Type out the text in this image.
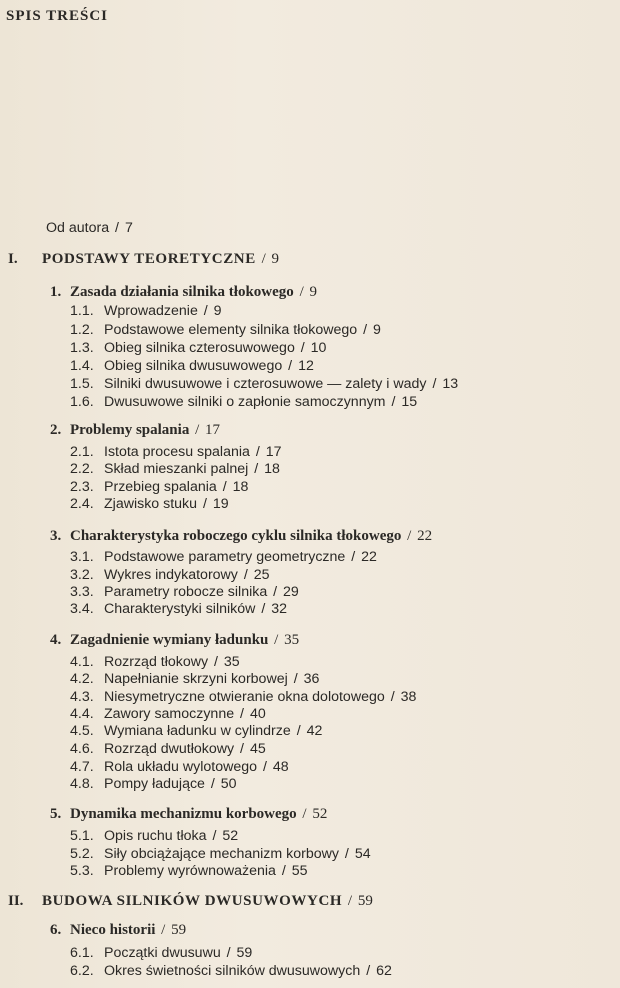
SPIS TREŚCI
Od autora / 7
I. PODSTAWY TEORETYCZNE / 9
1. Zasada działania silnika tłokowego / 9
1.1. Wprowadzenie / 9
1.2. Podstawowe elementy silnika tłokowego / 9
1.3. Obieg silnika czterosuwowego / 10
1.4. Obieg silnika dwusuwowego / 12
1.5. Silniki dwusuwowe i czterosuwowe — zalety i wady / 13
1.6. Dwusuwowe silniki o zapłonie samoczynnym / 15
2. Problemy spalania / 17
2.1. Istota procesu spalania / 17
2.2. Skład mieszanki palnej / 18
2.3. Przebieg spalania / 18
2.4. Zjawisko stuku / 19
3. Charakterystyka roboczego cyklu silnika tłokowego / 22
3.1. Podstawowe parametry geometryczne / 22
3.2. Wykres indykatorowy / 25
3.3. Parametry robocze silnika / 29
3.4. Charakterystyki silników / 32
4. Zagadnienie wymiany ładunku / 35
4.1. Rozrząd tłokowy / 35
4.2. Napełnianie skrzyni korbowej / 36
4.3. Niesymetryczne otwieranie okna dolotowego / 38
4.4. Zawory samoczynne / 40
4.5. Wymiana ładunku w cylindrze / 42
4.6. Rozrząd dwutłokowy / 45
4.7. Rola układu wylotowego / 48
4.8. Pompy ładujące / 50
5. Dynamika mechanizmu korbowego / 52
5.1. Opis ruchu tłoka / 52
5.2. Siły obciążające mechanizm korbowy / 54
5.3. Problemy wyrównoważenia / 55
II. BUDOWA SILNIKÓW DWUSUWOWYCH / 59
6. Nieco historii / 59
6.1. Początki dwusuwu / 59
6.2. Okres świetności silników dwusuwowych / 62
